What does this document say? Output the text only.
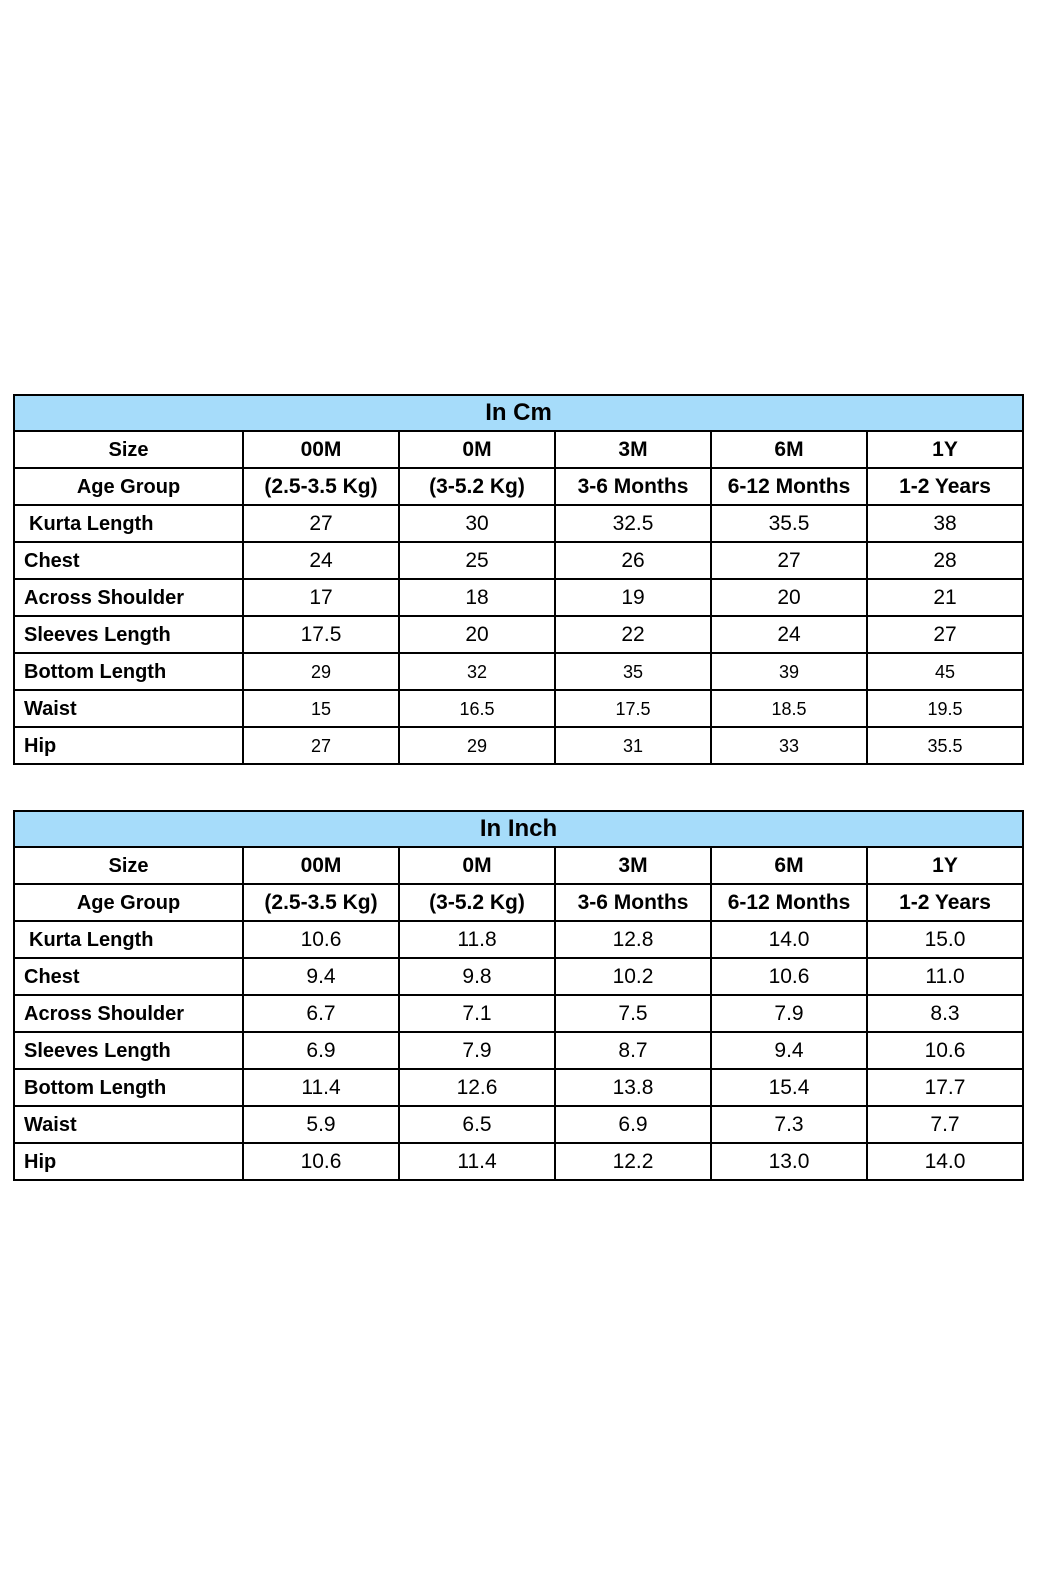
In Cm					
Size	00M	0M	3M	6M	1Y
Age Group	(2.5-3.5 Kg)	(3-5.2 Kg)	3-6 Months	6-12 Months	1-2 Years
Kurta Length	27	30	32.5	35.5	38
Chest	24	25	26	27	28
Across Shoulder	17	18	19	20	21
Sleeves Length	17.5	20	22	24	27
Bottom Length	29	32	35	39	45
Waist	15	16.5	17.5	18.5	19.5
Hip	27	29	31	33	35.5
In Inch					
Size	00M	0M	3M	6M	1Y
Age Group	(2.5-3.5 Kg)	(3-5.2 Kg)	3-6 Months	6-12 Months	1-2 Years
Kurta Length	10.6	11.8	12.8	14.0	15.0
Chest	9.4	9.8	10.2	10.6	11.0
Across Shoulder	6.7	7.1	7.5	7.9	8.3
Sleeves Length	6.9	7.9	8.7	9.4	10.6
Bottom Length	11.4	12.6	13.8	15.4	17.7
Waist	5.9	6.5	6.9	7.3	7.7
Hip	10.6	11.4	12.2	13.0	14.0
